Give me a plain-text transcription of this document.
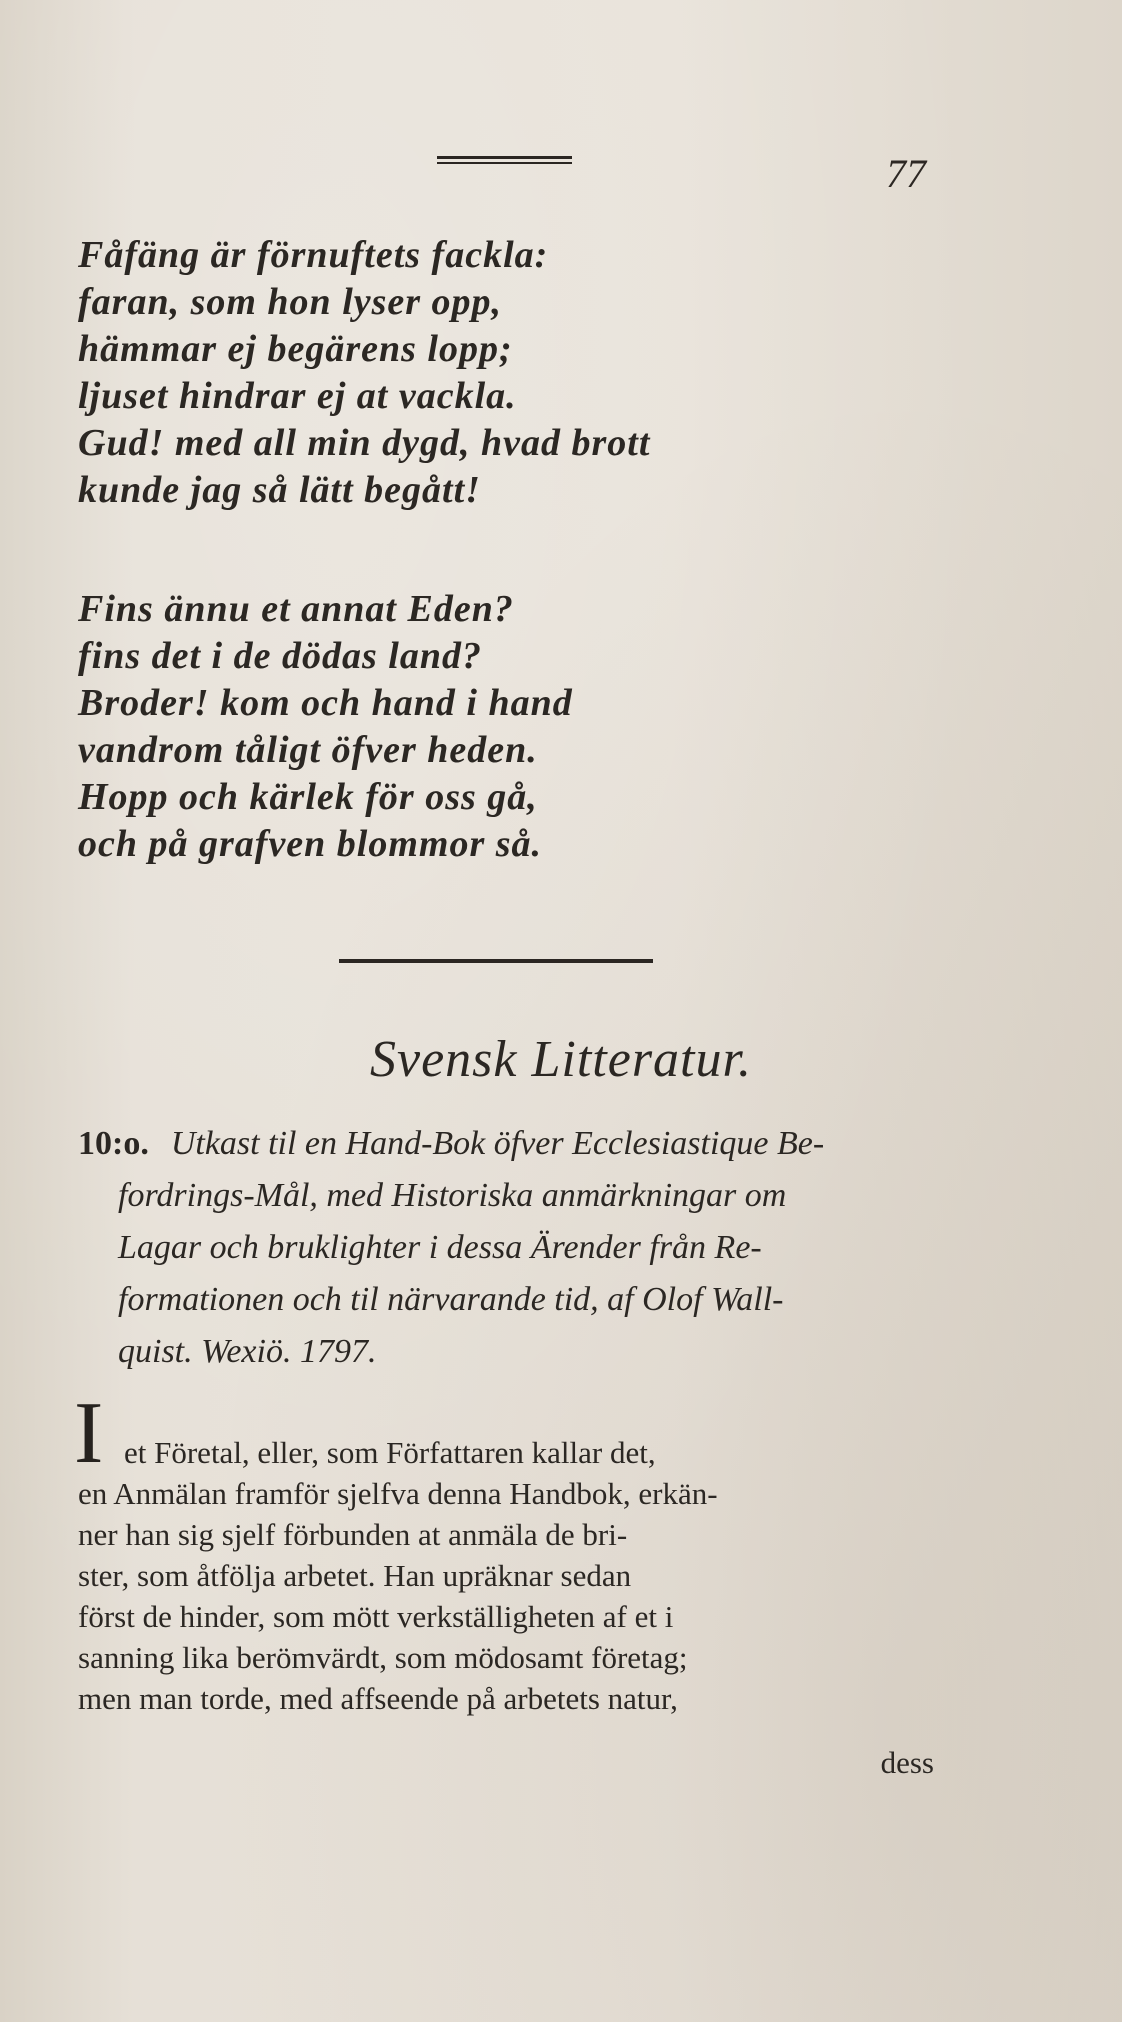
77
Fåfäng är förnuftets fackla:
faran, som hon lyser opp,
hämmar ej begärens lopp;
ljuset hindrar ej at vackla.
Gud! med all min dygd, hvad brott
kunde jag så lätt begått!
Fins ännu et annat Eden?
fins det i de dödas land?
Broder! kom och hand i hand
vandrom tåligt öfver heden.
Hopp och kärlek för oss gå,
och på grafven blommor så.
Svensk Litteratur.
10:o. Utkast til en Hand-Bok öfver Ecclesiastique Be-
fordrings-Mål, med Historiska anmärkningar om
Lagar och bruklighter i dessa Ärender från Re-
formationen och til närvarande tid, af Olof Wall-
quist. Wexiö. 1797.
I et Företal, eller, som Författaren kallar det,
en Anmälan framför sjelfva denna Handbok, erkän-
ner han sig sjelf förbunden at anmäla de bri-
ster, som åtfölja arbetet. Han upräknar sedan
först de hinder, som mött verkställigheten af et i
sanning lika berömvärdt, som mödosamt företag;
men man torde, med affseende på arbetets natur,
dess
